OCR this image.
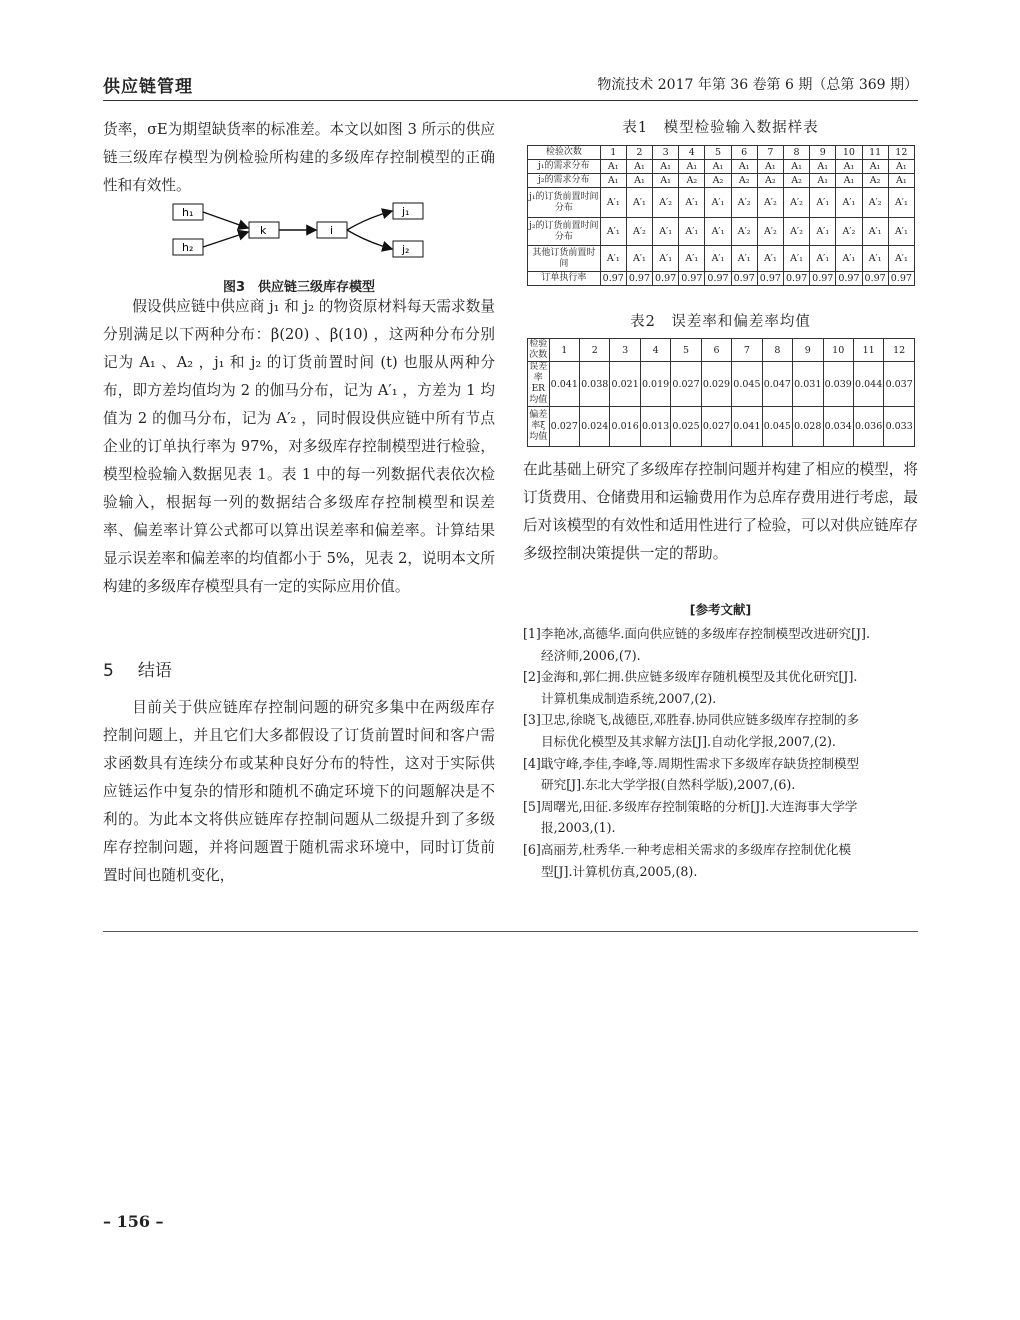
供应链管理	物流技术 2017 年第 36 卷第 6 期（总第 369 期）

货率，σE为期望缺货率的标准差。本文以如图 3 所示的供应链三级库存模型为例检验所构建的多级库存控制模型的正确性和有效性。

h₁
h₂
k	i
j₁
j₂
图3　供应链三级库存模型

假设供应链中供应商 j₁ 和 j₂ 的物资原材料每天需求数量分别满足以下两种分布：β(20) 、β(10) ，这两种分布分别记为 A₁ 、A₂ ，j₁ 和 j₂ 的订货前置时间 (t) 也服从两种分布，即方差均值均为 2 的伽马分布，记为 A′₁ ，方差为 1 均值为 2 的伽马分布，记为 A′₂ ，同时假设供应链中所有节点企业的订单执行率为 97%，对多级库存控制模型进行检验，模型检验输入数据见表 1。表 1 中的每一列数据代表依次检验输入，根据每一列的数据结合多级库存控制模型和误差率、偏差率计算公式都可以算出误差率和偏差率。计算结果显示误差率和偏差率的均值都小于 5%，见表 2，说明本文所构建的多级库存模型具有一定的实际应用价值。

5 结语

目前关于供应链库存控制问题的研究多集中在两级库存控制问题上，并且它们大多都假设了订货前置时间和客户需求函数具有连续分布或某种良好分布的特性，这对于实际供应链运作中复杂的情形和随机不确定环境下的问题解决是不利的。为此本文将供应链库存控制问题从二级提升到了多级库存控制问题，并将问题置于随机需求环境中，同时订货前置时间也随机变化，

表1　模型检验输入数据样表
检验次数	1	2	3	4	5	6	7	8	9	10	11	12
j₁的需求分布	A₁	A₁	A₁	A₁	A₁	A₁	A₁	A₁	A₁	A₁	A₁	A₁
j₂的需求分布	A₁	A₁	A₁	A₂	A₂	A₂	A₂	A₂	A₁	A₁	A₂	A₁
j₁的订货前置时间分布	A′₁	A′₁	A′₂	A′₁	A′₁	A′₂	A′₂	A′₂	A′₁	A′₁	A′₂	A′₁
j₂的订货前置时间分布	A′₁	A′₂	A′₁	A′₁	A′₁	A′₂	A′₂	A′₂	A′₁	A′₂	A′₁	A′₁
其他订货前置时间	A′₁	A′₁	A′₁	A′₁	A′₁	A′₁	A′₁	A′₁	A′₁	A′₁	A′₁	A′₁
订单执行率	0.97	0.97	0.97	0.97	0.97	0.97	0.97	0.97	0.97	0.97	0.97	0.97
表2　误差率和偏差率均值
检验次数	1	2	3	4	5	6	7	8	9	10	11	12
误差率ER均值	0.041	0.038	0.021	0.019	0.027	0.029	0.045	0.047	0.031	0.039	0.044	0.037
偏差率ξ均值	0.027	0.024	0.016	0.013	0.025	0.027	0.041	0.045	0.028	0.034	0.036	0.033

在此基础上研究了多级库存控制问题并构建了相应的模型，将订货费用、仓储费用和运输费用作为总库存费用进行考虑，最后对该模型的有效性和适用性进行了检验，可以对供应链库存多级控制决策提供一定的帮助。

[参考文献]
[1]李艳冰,高德华.面向供应链的多级库存控制模型改进研究[J].
经济师,2006,(7).
[2]金海和,郭仁拥.供应链多级库存随机模型及其优化研究[J].
计算机集成制造系统,2007,(2).
[3]卫忠,徐晓飞,战德臣,邓胜春.协同供应链多级库存控制的多
目标优化模型及其求解方法[J].自动化学报,2007,(2).
[4]戢守峰,李佳,李峰,等.周期性需求下多级库存缺货控制模型
研究[J].东北大学学报(自然科学版),2007,(6).
[5]周曙光,田征.多级库存控制策略的分析[J].大连海事大学学
报,2003,(1).
[6]高丽芳,杜秀华.一种考虑相关需求的多级库存控制优化模
型[J].计算机仿真,2005,(8).
– 156 –
